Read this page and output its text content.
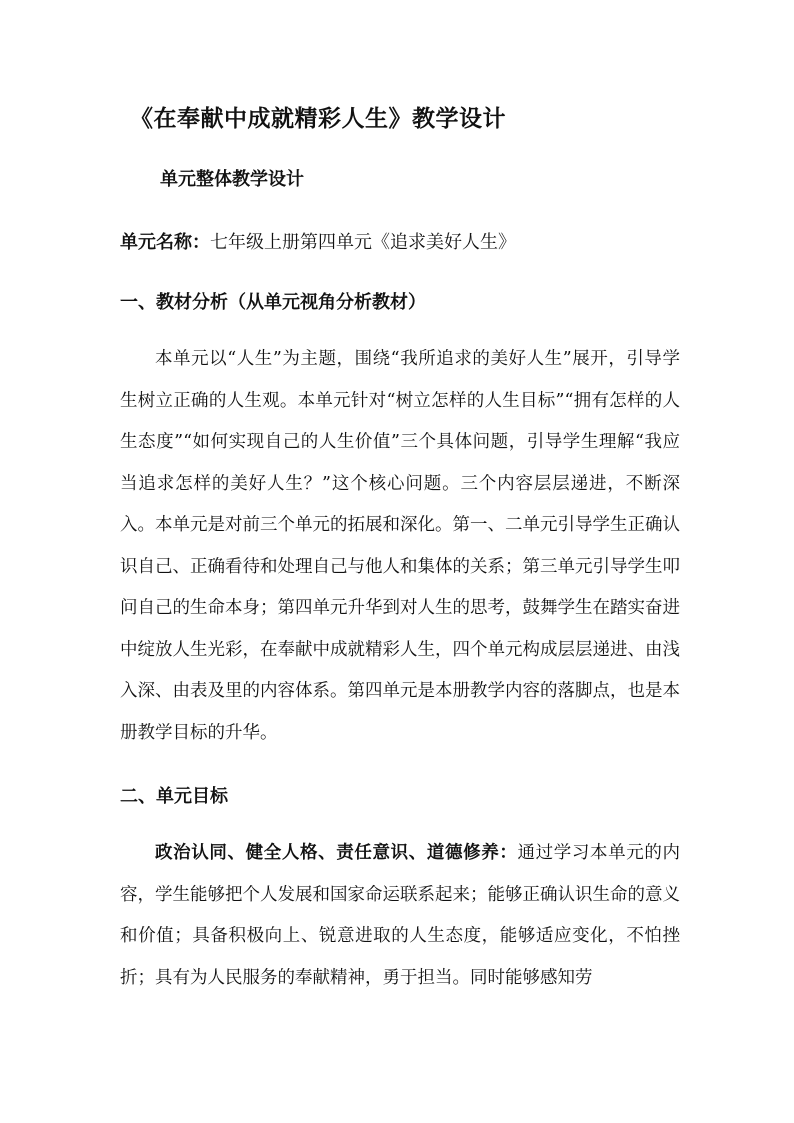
《在奉献中成就精彩人生》教学设计
单元整体教学设计

单元名称：七年级上册第四单元《追求美好人生》

一、教材分析（从单元视角分析教材）

本单元以“人生”为主题，围绕“我所追求的美好人生”展开，引导学生树立正确的人生观。本单元针对“树立怎样的人生目标”“拥有怎样的人生态度”“如何实现自己的人生价值”三个具体问题，引导学生理解“我应当追求怎样的美好人生？”这个核心问题。三个内容层层递进，不断深入。本单元是对前三个单元的拓展和深化。第一、二单元引导学生正确认识自己、正确看待和处理自己与他人和集体的关系；第三单元引导学生叩问自己的生命本身；第四单元升华到对人生的思考，鼓舞学生在踏实奋进中绽放人生光彩，在奉献中成就精彩人生，四个单元构成层层递进、由浅入深、由表及里的内容体系。第四单元是本册教学内容的落脚点，也是本册教学目标的升华。

二、单元目标

政治认同、健全人格、责任意识、道德修养：通过学习本单元的内容，学生能够把个人发展和国家命运联系起来；能够正确认识生命的意义和价值；具备积极向上、锐意进取的人生态度，能够适应变化，不怕挫折；具有为人民服务的奉献精神，勇于担当。同时能够感知劳
